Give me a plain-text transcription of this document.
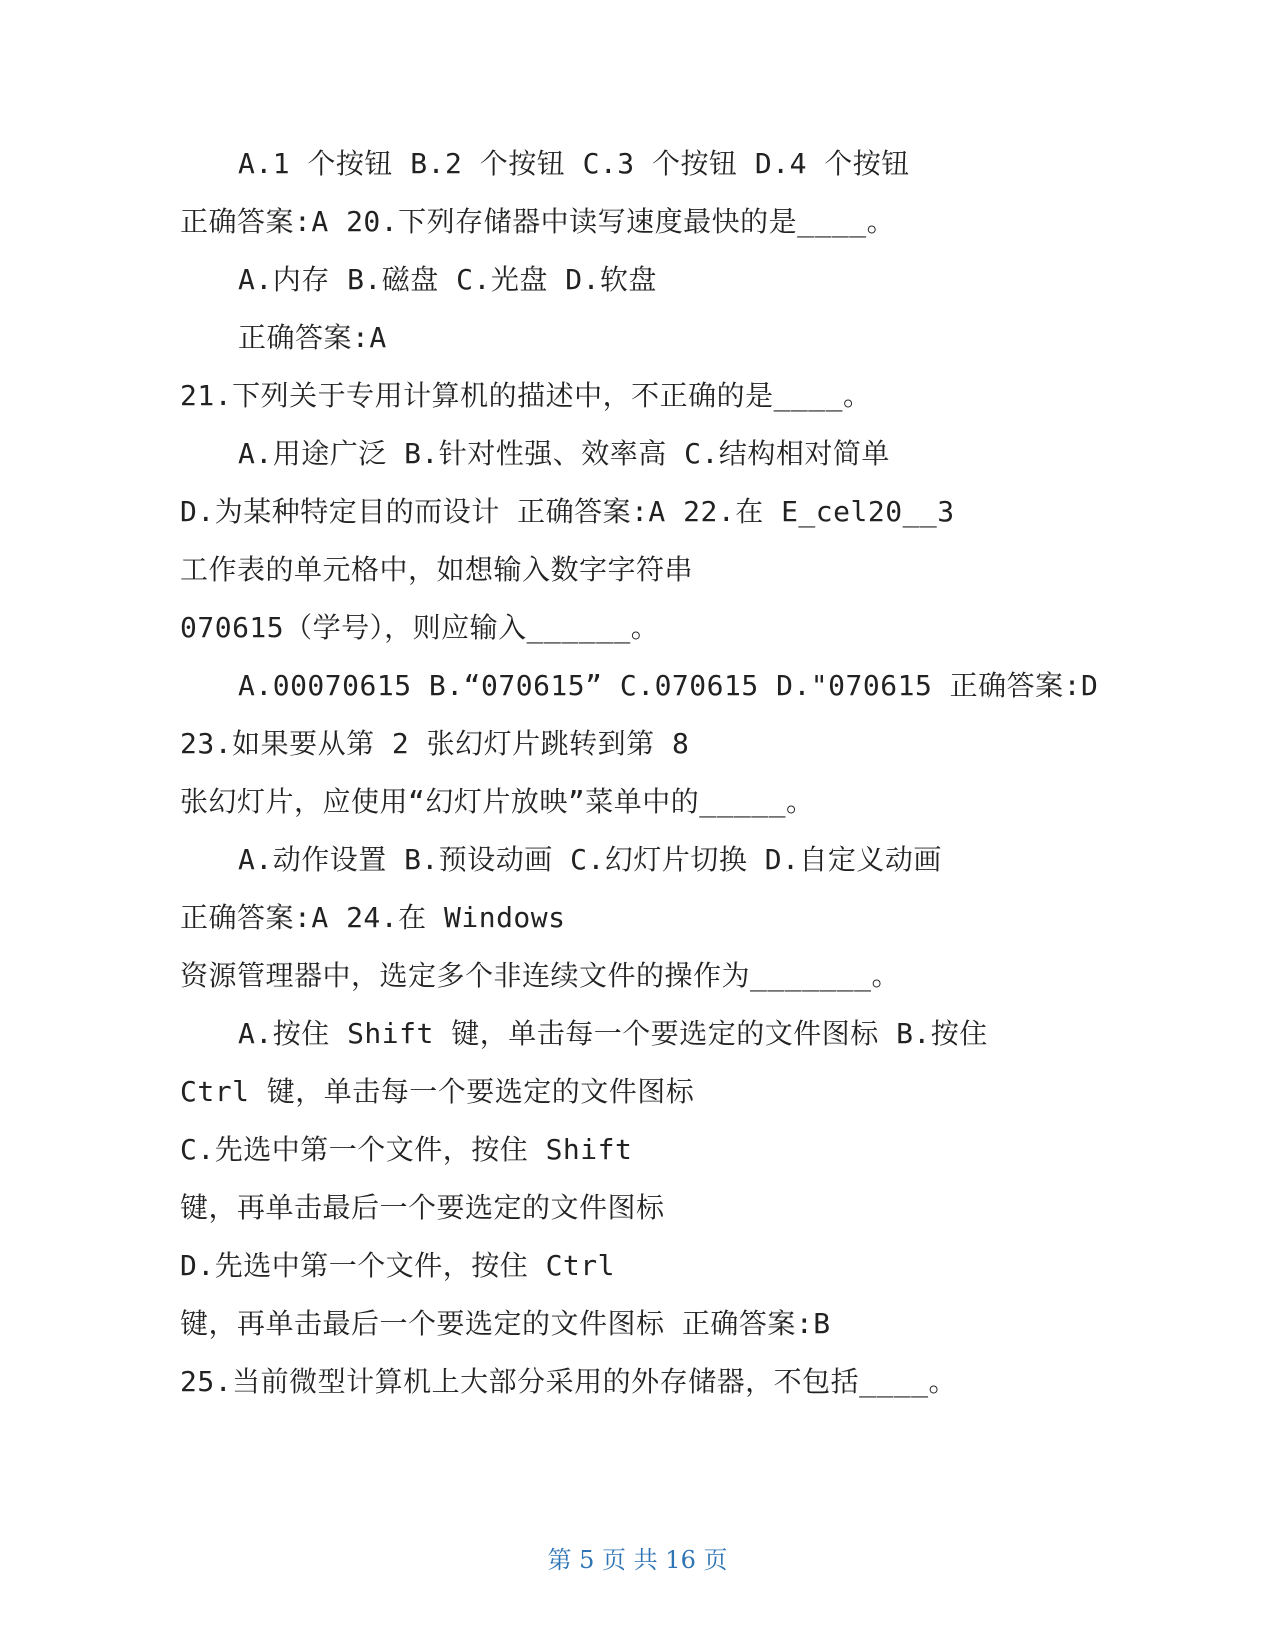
A.1 个按钮 B.2 个按钮 C.3 个按钮 D.4 个按钮
正确答案:A 20.下列存储器中读写速度最快的是____。
A.内存 B.磁盘 C.光盘 D.软盘
正确答案:A
21.下列关于专用计算机的描述中，不正确的是____。
A.用途广泛 B.针对性强、效率高 C.结构相对简单
D.为某种特定目的而设计 正确答案:A 22.在 E_cel20__3
工作表的单元格中，如想输入数字字符串
070615（学号），则应输入______。
A.00070615 B.“070615” C.070615 D."070615 正确答案:D
23.如果要从第 2 张幻灯片跳转到第 8
张幻灯片，应使用“幻灯片放映”菜单中的_____。
A.动作设置 B.预设动画 C.幻灯片切换 D.自定义动画
正确答案:A 24.在 Windows
资源管理器中，选定多个非连续文件的操作为_______。
A.按住 Shift 键，单击每一个要选定的文件图标 B.按住
Ctrl 键，单击每一个要选定的文件图标
C.先选中第一个文件，按住 Shift
键，再单击最后一个要选定的文件图标
D.先选中第一个文件，按住 Ctrl
键，再单击最后一个要选定的文件图标 正确答案:B
25.当前微型计算机上大部分采用的外存储器，不包括____。
第 5 页 共 16 页
